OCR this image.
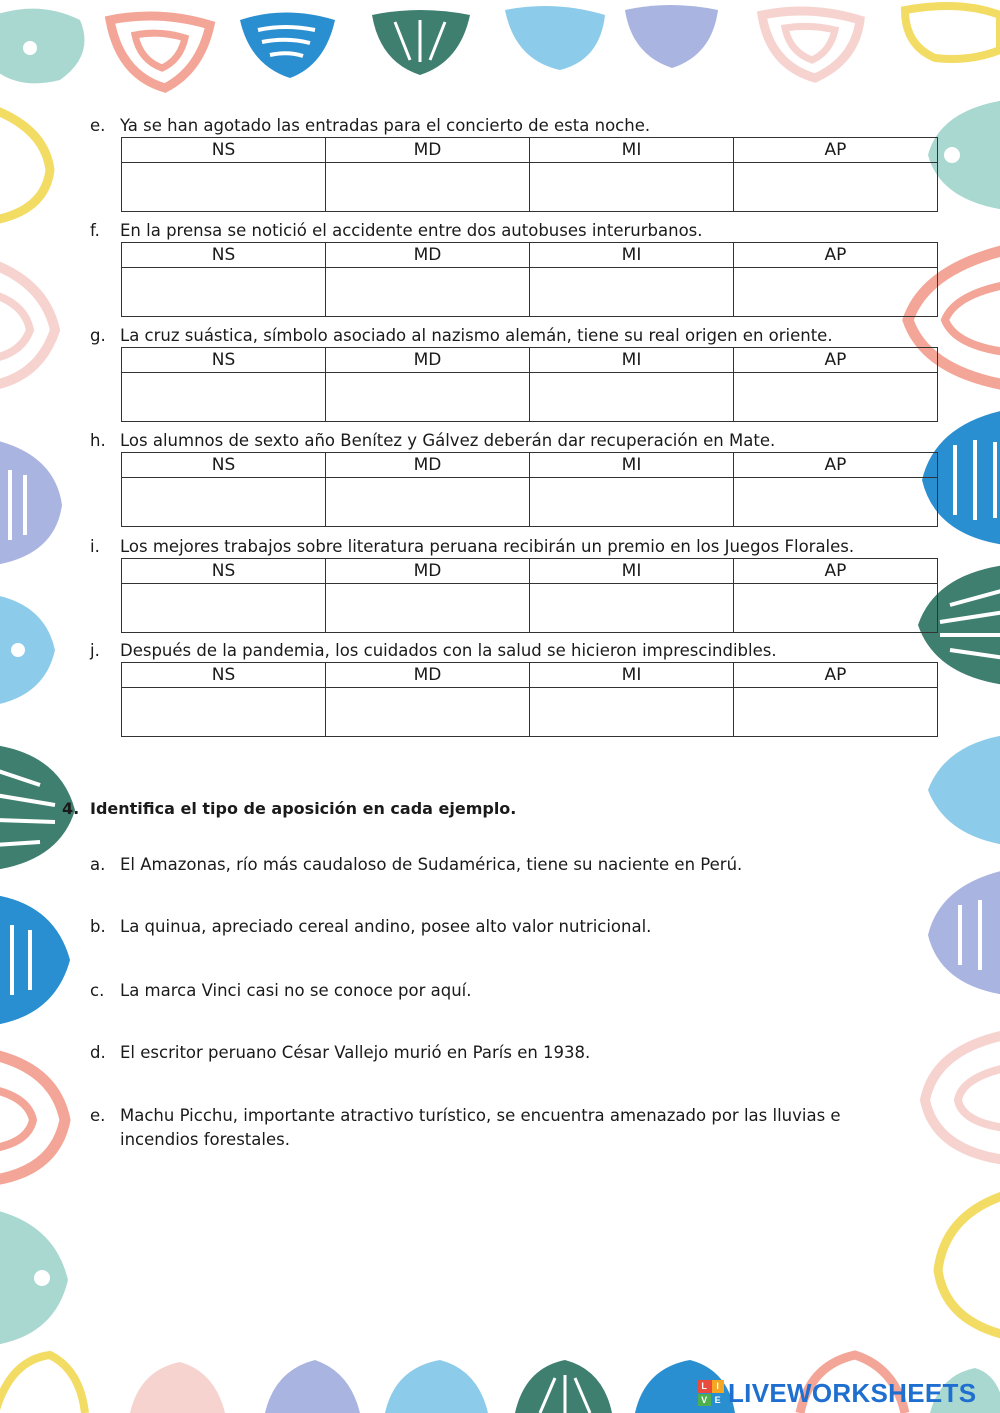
e. Ya se han agotado las entradas para el concierto de esta noche.
NS	MD	MI	AP

f. En la prensa se notició el accidente entre dos autobuses interurbanos.
NS	MD	MI	AP

g. La cruz suástica, símbolo asociado al nazismo alemán, tiene su real origen en oriente.
NS	MD	MI	AP

h. Los alumnos de sexto año Benítez y Gálvez deberán dar recuperación en Mate.
NS	MD	MI	AP

i. Los mejores trabajos sobre literatura peruana recibirán un premio en los Juegos Florales.
NS	MD	MI	AP

j. Después de la pandemia, los cuidados con la salud se hicieron imprescindibles.
NS	MD	MI	AP

4. Identifica el tipo de aposición en cada ejemplo.
a. El Amazonas, río más caudaloso de Sudamérica, tiene su naciente en Perú.
b. La quinua, apreciado cereal andino, posee alto valor nutricional.
c. La marca Vinci casi no se conoce por aquí.
d. El escritor peruano César Vallejo murió en París en 1938.
e. Machu Picchu, importante atractivo turístico, se encuentra amenazado por las lluvias e incendios forestales.
L	I
V E LIVEWORKSHEETS
